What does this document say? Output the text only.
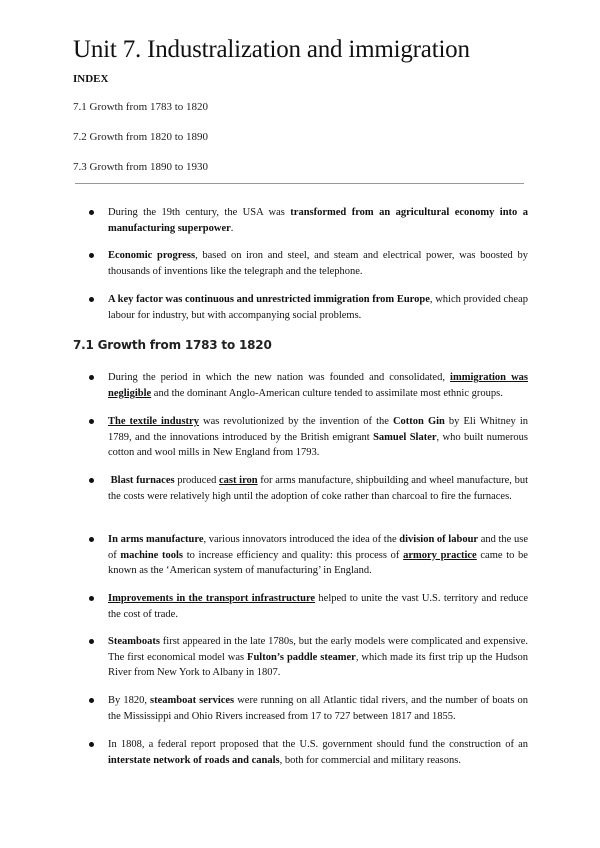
Unit 7. Industralization and immigration
INDEX
7.1 Growth from 1783 to 1820
7.2 Growth from 1820 to 1890
7.3 Growth from 1890 to 1930
During the 19th century, the USA was transformed from an agricultural economy into a manufacturing superpower.
Economic progress, based on iron and steel, and steam and electrical power, was boosted by thousands of inventions like the telegraph and the telephone.
A key factor was continuous and unrestricted immigration from Europe, which provided cheap labour for industry, but with accompanying social problems.
7.1 Growth from 1783 to 1820
During the period in which the new nation was founded and consolidated, immigration was negligible and the dominant Anglo-American culture tended to assimilate most ethnic groups.
The textile industry was revolutionized by the invention of the Cotton Gin by Eli Whitney in 1789, and the innovations introduced by the British emigrant Samuel Slater, who built numerous cotton and wool mills in New England from 1793.
Blast furnaces produced cast iron for arms manufacture, shipbuilding and wheel manufacture, but the costs were relatively high until the adoption of coke rather than charcoal to fire the furnaces.
In arms manufacture, various innovators introduced the idea of the division of labour and the use of machine tools to increase efficiency and quality: this process of armory practice came to be known as the ‘American system of manufacturing’ in England.
Improvements in the transport infrastructure helped to unite the vast U.S. territory and reduce the cost of trade.
Steamboats first appeared in the late 1780s, but the early models were complicated and expensive. The first economical model was Fulton’s paddle steamer, which made its first trip up the Hudson River from New York to Albany in 1807.
By 1820, steamboat services were running on all Atlantic tidal rivers, and the number of boats on the Mississippi and Ohio Rivers increased from 17 to 727 between 1817 and 1855.
In 1808, a federal report proposed that the U.S. government should fund the construction of an interstate network of roads and canals, both for commercial and military reasons.
